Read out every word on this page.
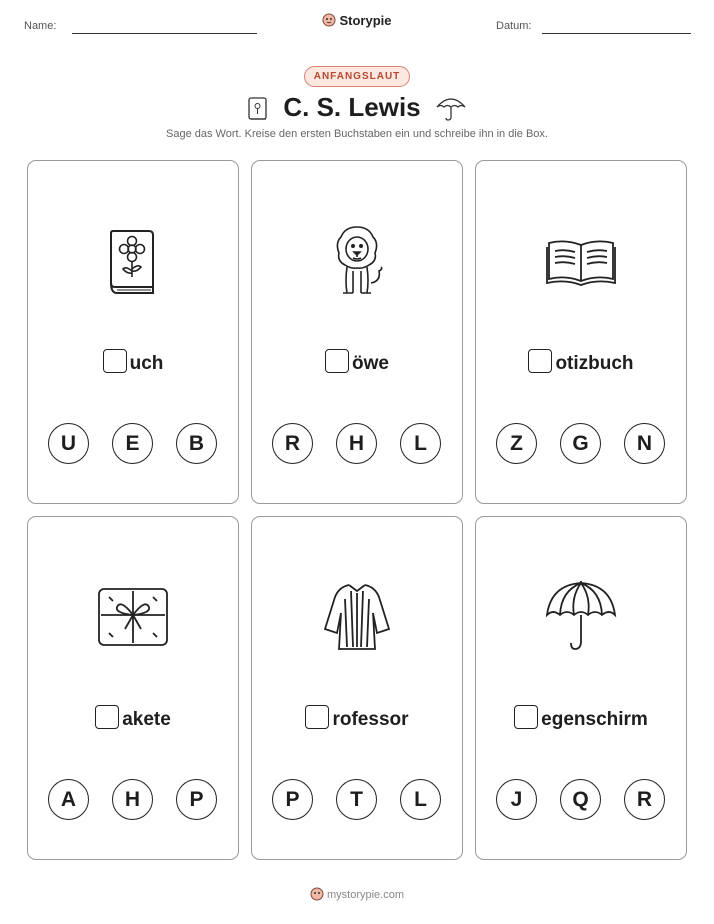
Name:	Storypie	Datum:
ANFANGSLAUT
C. S. Lewis
Sage das Wort. Kreise den ersten Buchstaben ein und schreibe ihn in die Box.
uch
U	E	B
öwe
R	H	L
otizbuch
Z	G	N
akete
A	H	P
rofessor
P	T	L
egenschirm
J	Q	R
mystorypie.com
